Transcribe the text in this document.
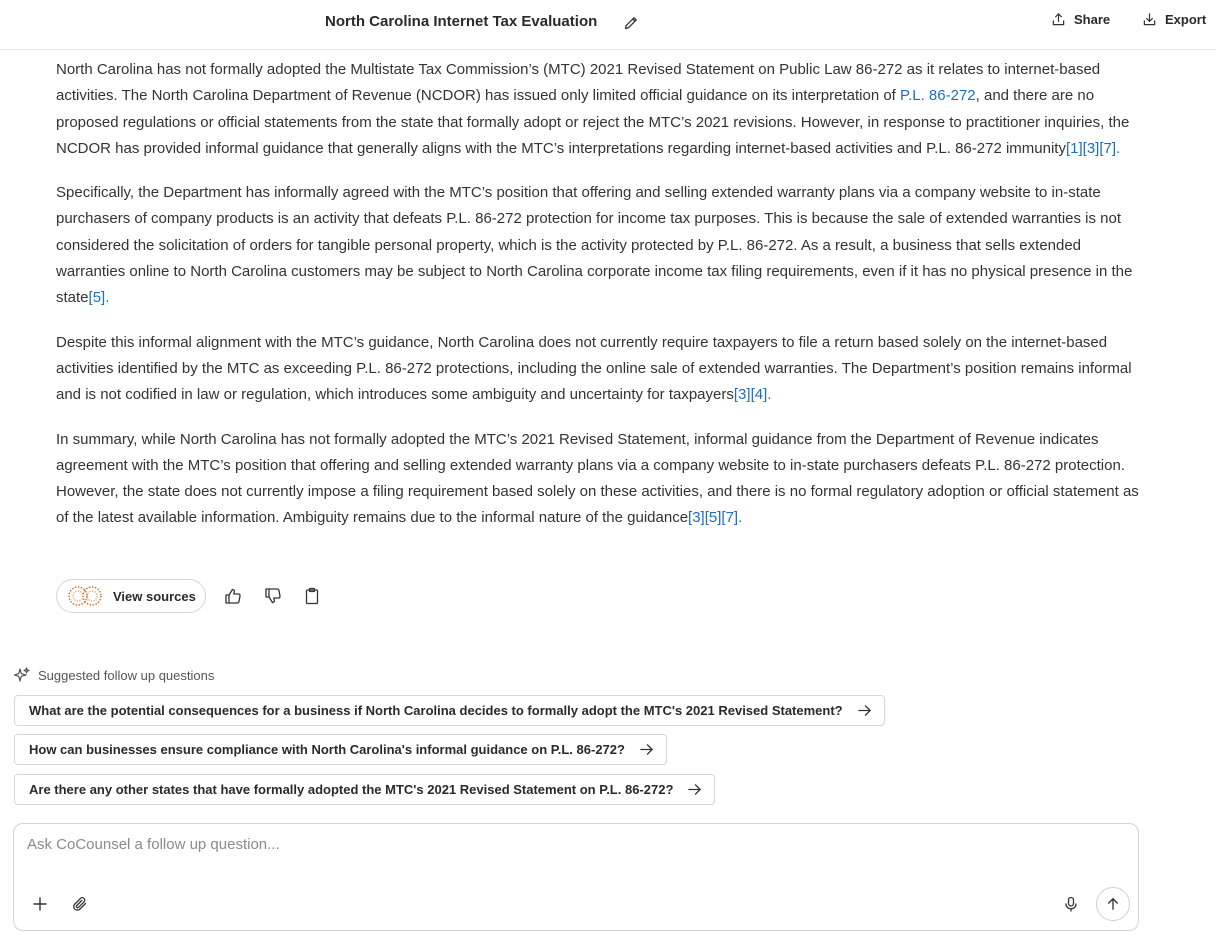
North Carolina Internet Tax Evaluation	Share	Export

North Carolina has not formally adopted the Multistate Tax Commission’s (MTC) 2021 Revised Statement on Public Law 86-272 as it relates to internet-based activities. The North Carolina Department of Revenue (NCDOR) has issued only limited official guidance on its interpretation of P.L. 86-272, and there are no proposed regulations or official statements from the state that formally adopt or reject the MTC’s 2021 revisions. However, in response to practitioner inquiries, the NCDOR has provided informal guidance that generally aligns with the MTC’s interpretations regarding internet-based activities and P.L. 86-272 immunity[1][3][7].

Specifically, the Department has informally agreed with the MTC’s position that offering and selling extended warranty plans via a company website to in-state purchasers of company products is an activity that defeats P.L. 86-272 protection for income tax purposes. This is because the sale of extended warranties is not considered the solicitation of orders for tangible personal property, which is the activity protected by P.L. 86-272. As a result, a business that sells extended warranties online to North Carolina customers may be subject to North Carolina corporate income tax filing requirements, even if it has no physical presence in the state[5].

Despite this informal alignment with the MTC’s guidance, North Carolina does not currently require taxpayers to file a return based solely on the internet-based activities identified by the MTC as exceeding P.L. 86-272 protections, including the online sale of extended warranties. The Department’s position remains informal and is not codified in law or regulation, which introduces some ambiguity and uncertainty for taxpayers[3][4].

In summary, while North Carolina has not formally adopted the MTC’s 2021 Revised Statement, informal guidance from the Department of Revenue indicates agreement with the MTC’s position that offering and selling extended warranty plans via a company website to in-state purchasers defeats P.L. 86-272 protection. However, the state does not currently impose a filing requirement based solely on these activities, and there is no formal regulatory adoption or official statement as of the latest available information. Ambiguity remains due to the informal nature of the guidance[3][5][7].

View sources
Suggested follow up questions
What are the potential consequences for a business if North Carolina decides to formally adopt the MTC's 2021 Revised Statement?
How can businesses ensure compliance with North Carolina's informal guidance on P.L. 86-272?
Are there any other states that have formally adopted the MTC's 2021 Revised Statement on P.L. 86-272?
Ask CoCounsel a follow up question...
